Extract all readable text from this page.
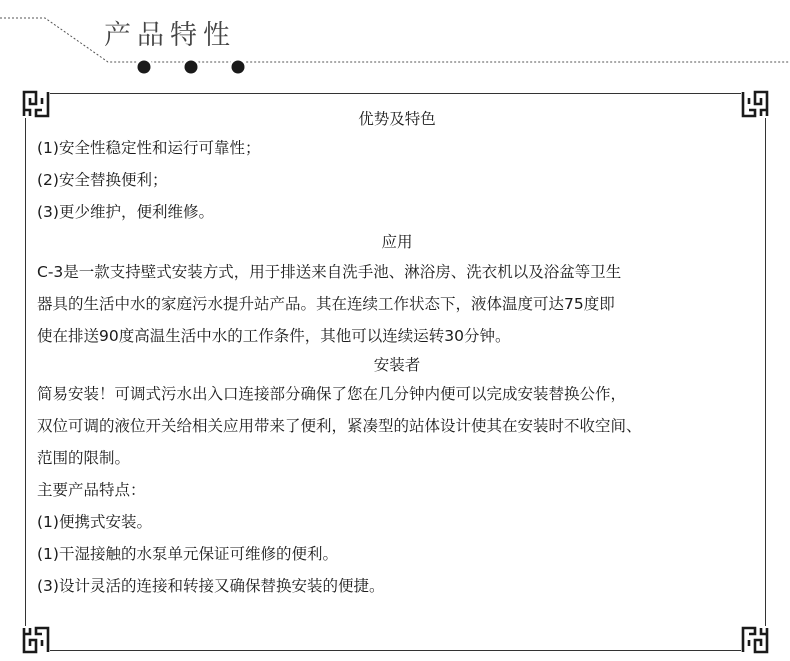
产品特性

优势及特色

(1)安全性稳定性和运行可靠性；

(2)安全替换便利；

(3)更少维护，便利维修。

应用

C-3是一款支持壁式安装方式，用于排送来自洗手池、淋浴房、洗衣机以及浴盆等卫生

器具的生活中水的家庭污水提升站产品。其在连续工作状态下，液体温度可达75度即

使在排送90度高温生活中水的工作条件，其他可以连续运转30分钟。

安装者

简易安装！可调式污水出入口连接部分确保了您在几分钟内便可以完成安装替换公作，

双位可调的液位开关给相关应用带来了便利，紧凑型的站体设计使其在安装时不收空间、

范围的限制。

主要产品特点：

(1)便携式安装。

(1)干湿接触的水泵单元保证可维修的便利。

(3)设计灵活的连接和转接又确保替换安装的便捷。
